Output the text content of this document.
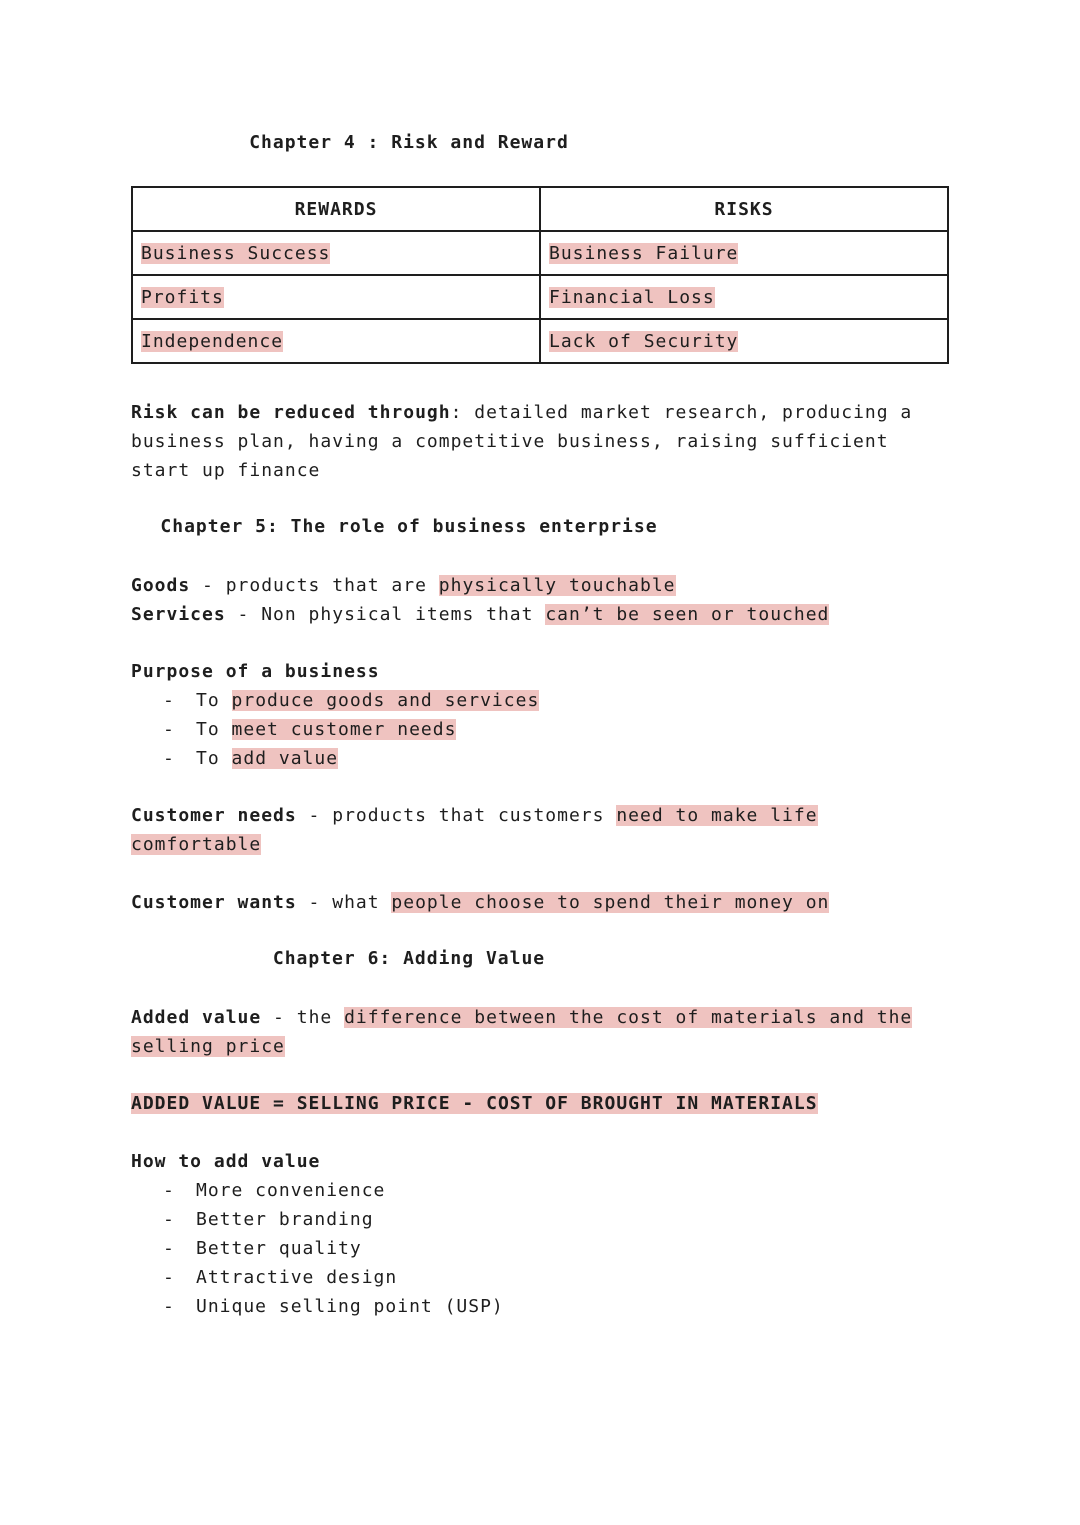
Chapter 4 : Risk and Reward
REWARDS	RISKS
Business Success	Business Failure
Profits	Financial Loss
Independence	Lack of Security
Risk can be reduced through: detailed market research, producing a
business plan, having a competitive business, raising sufficient
start up finance
Chapter 5: The role of business enterprise
Goods - products that are physically touchable
Services - Non physical items that can’t be seen or touched
Purpose of a business
- To produce goods and services
- To meet customer needs
- To add value
Customer needs - products that customers need to make life
comfortable
Customer wants - what people choose to spend their money on
Chapter 6: Adding Value
Added value - the difference between the cost of materials and the
selling price
ADDED VALUE = SELLING PRICE - COST OF BROUGHT IN MATERIALS
How to add value
- More convenience
- Better branding
- Better quality
- Attractive design
- Unique selling point (USP)
